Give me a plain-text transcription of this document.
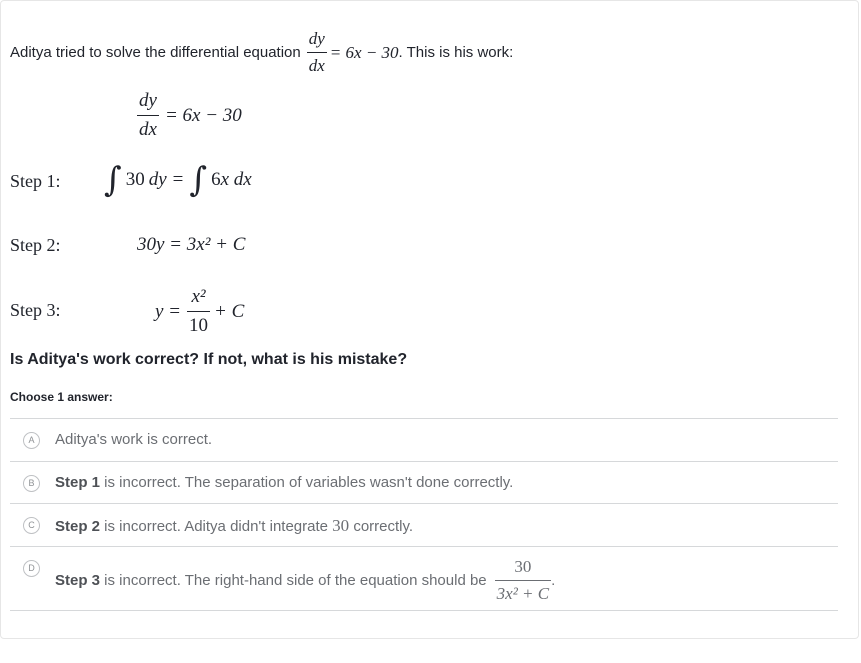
Aditya tried to solve the differential equation $\frac{dy}{dx} = 6x - 30$ . This is his work:
$\frac{dy}{dx} = 6x - 30$
Step 1: ∫ 30 dy = ∫ 6 x dx
Step 2:	30y = 3x² + C
Step 3:	$y = \frac{\text{x²}}{10} + C$
Is Aditya's work correct? If not, what is his mistake?
Choose 1 answer:
A	Aditya's work is correct.
B	Step 1 is incorrect. The separation of variables wasn't done correctly.
C	Step 2 is incorrect. Aditya didn't integrate 30 correctly.
D
Step 3 is incorrect. The right-hand side of the equation should be $\frac{30}{\text{3x² + C}}$ .
